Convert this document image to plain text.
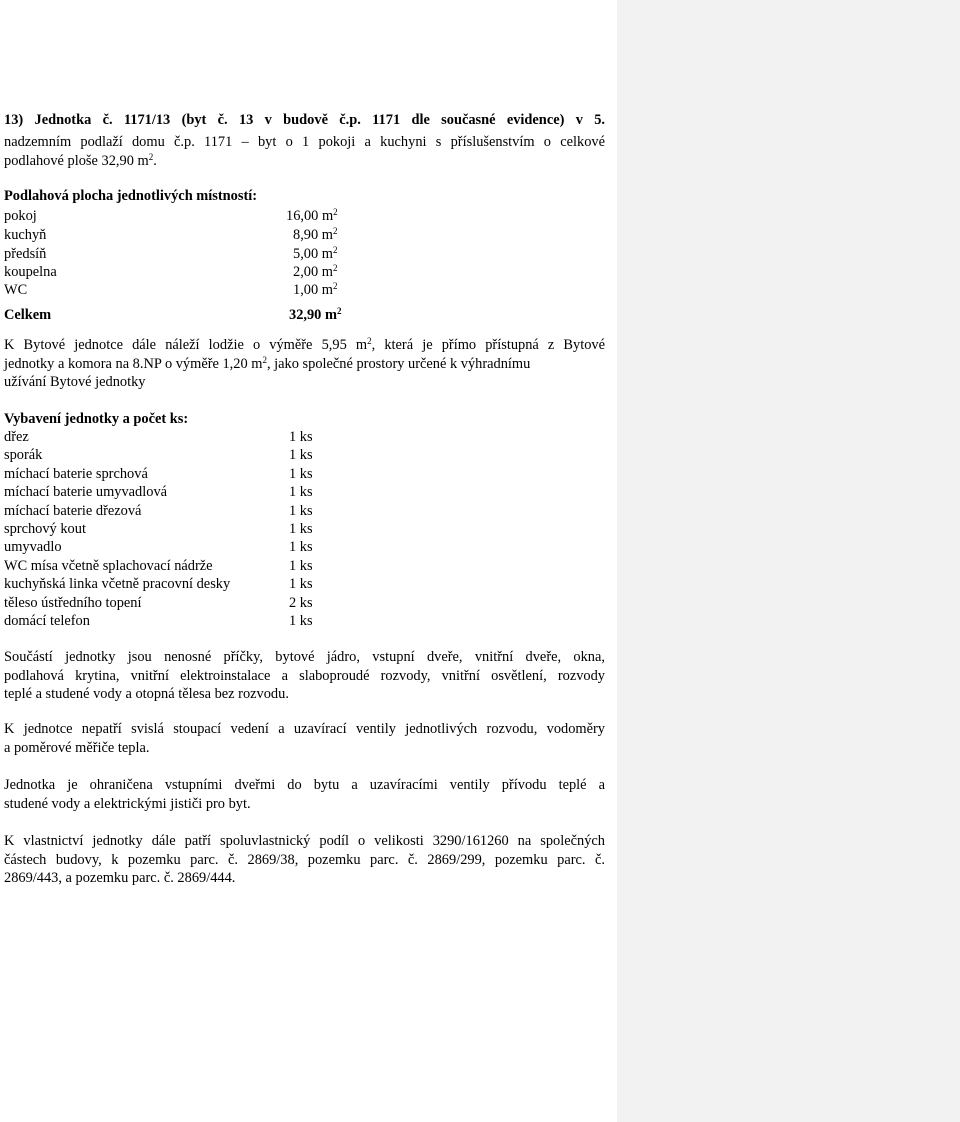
13) Jednotka č. 1171/13 (byt č. 13 v budově č.p. 1171 dle současné evidence) v 5.
nadzemním podlaží domu č.p. 1171 – byt o 1 pokoji a kuchyni s příslušenstvím o celkové
podlahové ploše 32,90 $m^2$.
Podlahová plocha jednotlivých místností:
pokoj	16,00 $m^2$
kuchyň	8,90 $m^2$
předsíň	5,00 $m^2$
koupelna	2,00 $m^2$
WC	1,00 $m^2$
Celkem	32,90 $m^2$
K Bytové jednotce dále náleží lodžie o výměře 5,95 $m^2$, která je přímo přístupná z Bytové
jednotky a komora na 8.NP o výměře 1,20 $m^2$, jako společné prostory určené k výhradnímu
užívání Bytové jednotky
Vybavení jednotky a počet ks:
dřez	1 ks
sporák	1 ks
míchací baterie sprchová	1 ks
míchací baterie umyvadlová	1 ks
míchací baterie dřezová	1 ks
sprchový kout	1 ks
umyvadlo	1 ks
WC mísa včetně splachovací nádrže	1 ks
kuchyňská linka včetně pracovní desky	1 ks
těleso ústředního topení	2 ks
domácí telefon	1 ks
Součástí jednotky jsou nenosné příčky, bytové jádro, vstupní dveře, vnitřní dveře, okna,
podlahová krytina, vnitřní elektroinstalace a slaboproudé rozvody, vnitřní osvětlení, rozvody
teplé a studené vody a otopná tělesa bez rozvodu.
K jednotce nepatří svislá stoupací vedení a uzavírací ventily jednotlivých rozvodu, vodoměry
a poměrové měřiče tepla.
Jednotka je ohraničena vstupními dveřmi do bytu a uzavíracími ventily přívodu teplé a
studené vody a elektrickými jističi pro byt.
K vlastnictví jednotky dále patří spoluvlastnický podíl o velikosti 3290/161260 na společných
částech budovy, k pozemku parc. č. 2869/38, pozemku parc. č. 2869/299, pozemku parc. č.
2869/443, a pozemku parc. č. 2869/444.
